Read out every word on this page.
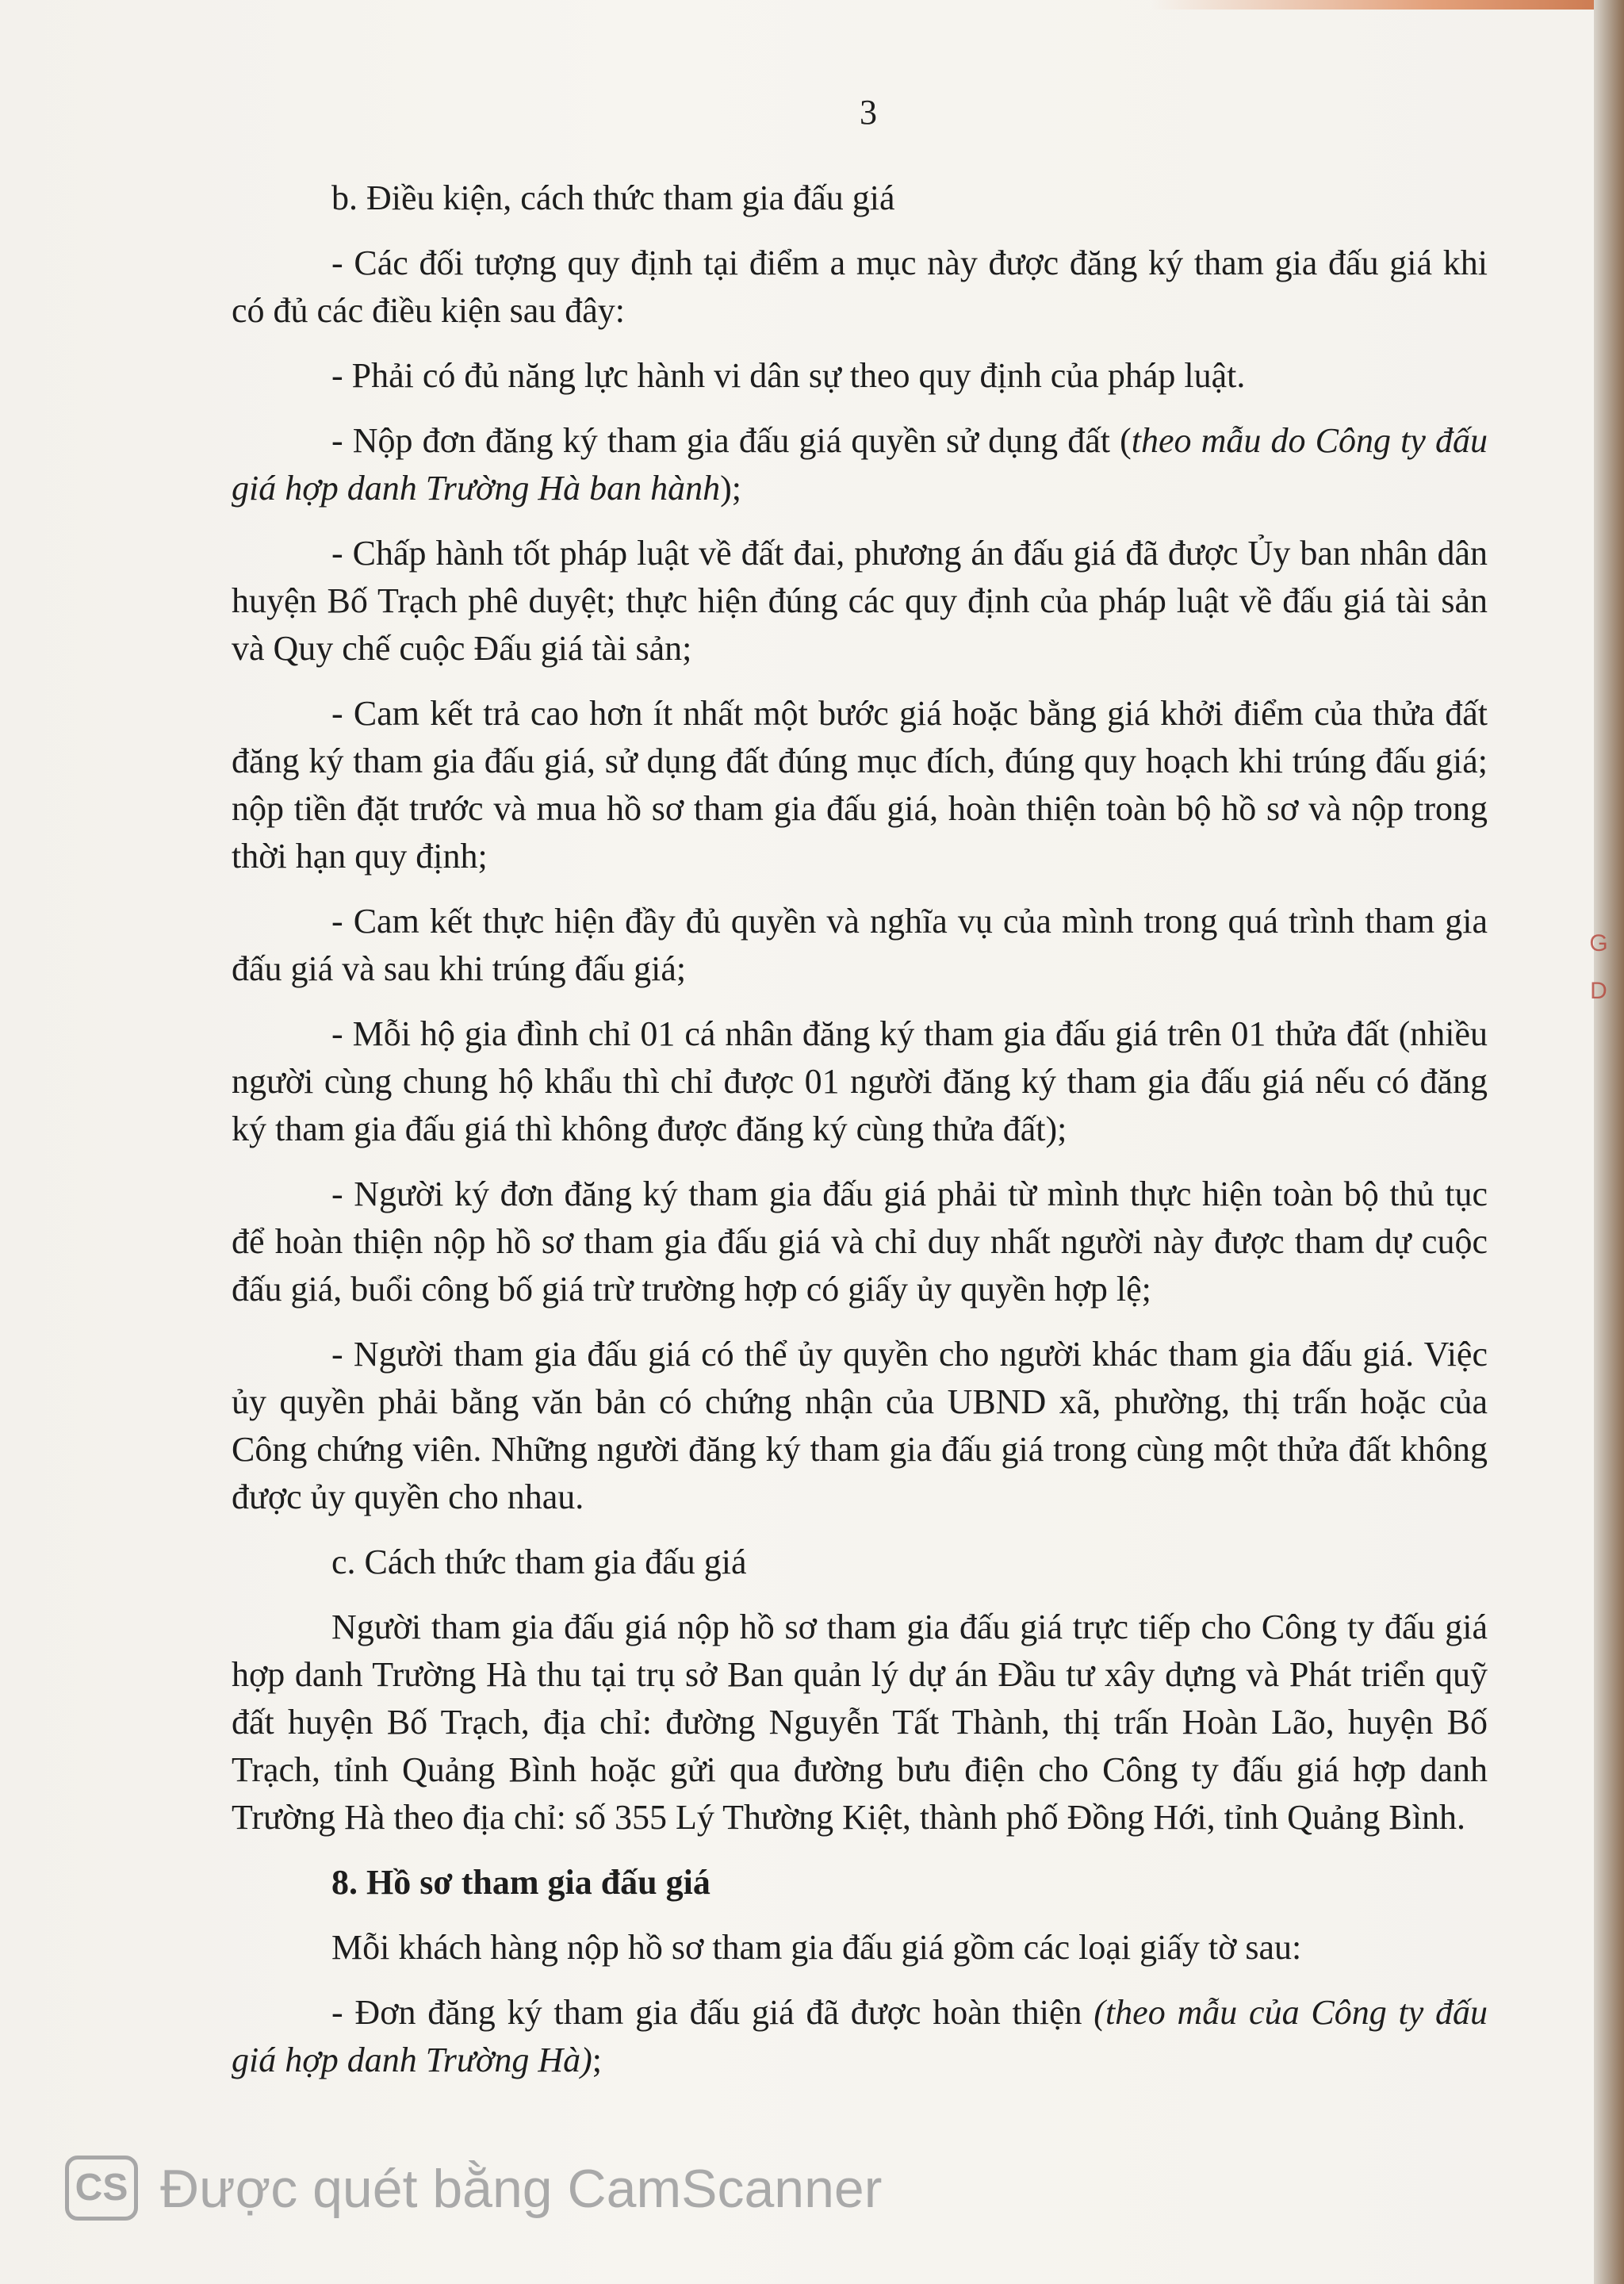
3

b. Điều kiện, cách thức tham gia đấu giá

- Các đối tượng quy định tại điểm a mục này được đăng ký tham gia đấu giá khi có đủ các điều kiện sau đây:

- Phải có đủ năng lực hành vi dân sự theo quy định của pháp luật.

- Nộp đơn đăng ký tham gia đấu giá quyền sử dụng đất (theo mẫu do Công ty đấu giá hợp danh Trường Hà ban hành);

- Chấp hành tốt pháp luật về đất đai, phương án đấu giá đã được Ủy ban nhân dân huyện Bố Trạch phê duyệt; thực hiện đúng các quy định của pháp luật về đấu giá tài sản và Quy chế cuộc Đấu giá tài sản;

- Cam kết trả cao hơn ít nhất một bước giá hoặc bằng giá khởi điểm của thửa đất đăng ký tham gia đấu giá, sử dụng đất đúng mục đích, đúng quy hoạch khi trúng đấu giá; nộp tiền đặt trước và mua hồ sơ tham gia đấu giá, hoàn thiện toàn bộ hồ sơ và nộp trong thời hạn quy định;

- Cam kết thực hiện đầy đủ quyền và nghĩa vụ của mình trong quá trình tham gia đấu giá và sau khi trúng đấu giá;

- Mỗi hộ gia đình chỉ 01 cá nhân đăng ký tham gia đấu giá trên 01 thửa đất (nhiều người cùng chung hộ khẩu thì chỉ được 01 người đăng ký tham gia đấu giá nếu có đăng ký tham gia đấu giá thì không được đăng ký cùng thửa đất);

- Người ký đơn đăng ký tham gia đấu giá phải từ mình thực hiện toàn bộ thủ tục để hoàn thiện nộp hồ sơ tham gia đấu giá và chỉ duy nhất người này được tham dự cuộc đấu giá, buổi công bố giá trừ trường hợp có giấy ủy quyền hợp lệ;

- Người tham gia đấu giá có thể ủy quyền cho người khác tham gia đấu giá. Việc ủy quyền phải bằng văn bản có chứng nhận của UBND xã, phường, thị trấn hoặc của Công chứng viên. Những người đăng ký tham gia đấu giá trong cùng một thửa đất không được ủy quyền cho nhau.

c. Cách thức tham gia đấu giá

Người tham gia đấu giá nộp hồ sơ tham gia đấu giá trực tiếp cho Công ty đấu giá hợp danh Trường Hà thu tại trụ sở Ban quản lý dự án Đầu tư xây dựng và Phát triển quỹ đất huyện Bố Trạch, địa chỉ: đường Nguyễn Tất Thành, thị trấn Hoàn Lão, huyện Bố Trạch, tỉnh Quảng Bình hoặc gửi qua đường bưu điện cho Công ty đấu giá hợp danh Trường Hà theo địa chỉ: số 355 Lý Thường Kiệt, thành phố Đồng Hới, tỉnh Quảng Bình.

8. Hồ sơ tham gia đấu giá

Mỗi khách hàng nộp hồ sơ tham gia đấu giá gồm các loại giấy tờ sau:

- Đơn đăng ký tham gia đấu giá đã được hoàn thiện (theo mẫu của Công ty đấu giá hợp danh Trường Hà);

G D
CS Được quét bằng CamScanner
